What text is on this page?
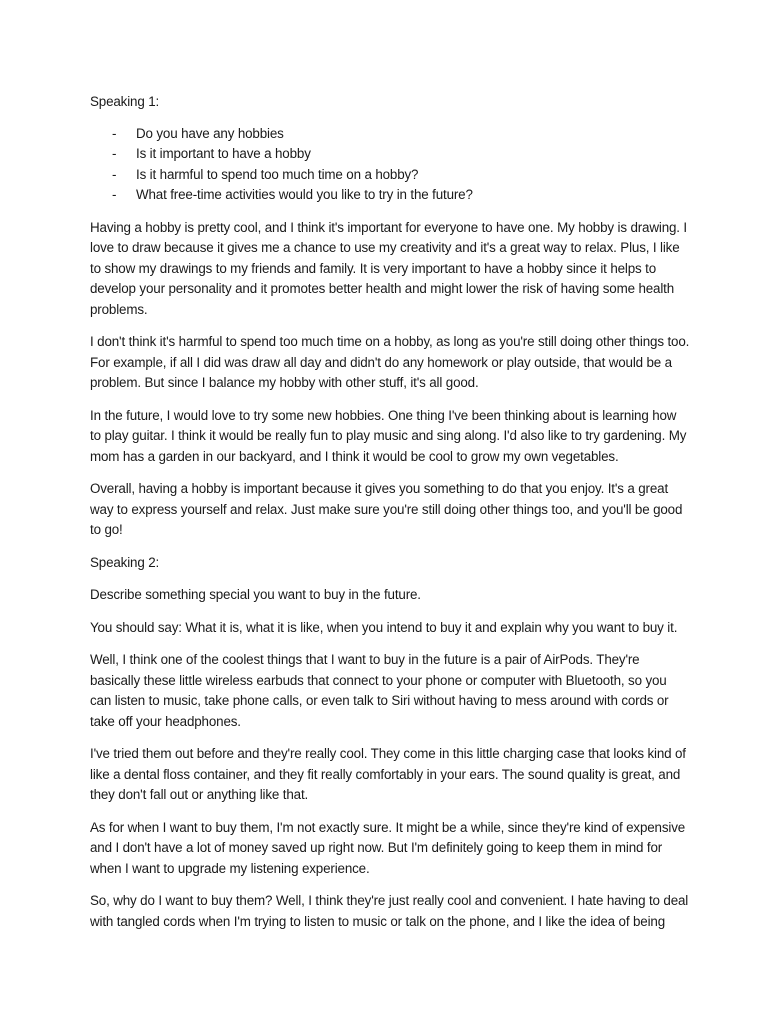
Speaking 1:
- Do you have any hobbies
- Is it important to have a hobby
- Is it harmful to spend too much time on a hobby?
- What free-time activities would you like to try in the future?

Having a hobby is pretty cool, and I think it's important for everyone to have one. My hobby is drawing. I love to draw because it gives me a chance to use my creativity and it's a great way to relax. Plus, I like to show my drawings to my friends and family. It is very important to have a hobby since it helps to develop your personality and it promotes better health and might lower the risk of having some health problems.

I don't think it's harmful to spend too much time on a hobby, as long as you're still doing other things too. For example, if all I did was draw all day and didn't do any homework or play outside, that would be a problem. But since I balance my hobby with other stuff, it's all good.

In the future, I would love to try some new hobbies. One thing I've been thinking about is learning how to play guitar. I think it would be really fun to play music and sing along. I'd also like to try gardening. My mom has a garden in our backyard, and I think it would be cool to grow my own vegetables.

Overall, having a hobby is important because it gives you something to do that you enjoy. It's a great way to express yourself and relax. Just make sure you're still doing other things too, and you'll be good to go!

Speaking 2:

Describe something special you want to buy in the future.

You should say: What it is, what it is like, when you intend to buy it and explain why you want to buy it.

Well, I think one of the coolest things that I want to buy in the future is a pair of AirPods. They're basically these little wireless earbuds that connect to your phone or computer with Bluetooth, so you can listen to music, take phone calls, or even talk to Siri without having to mess around with cords or take off your headphones.

I've tried them out before and they're really cool. They come in this little charging case that looks kind of like a dental floss container, and they fit really comfortably in your ears. The sound quality is great, and they don't fall out or anything like that.

As for when I want to buy them, I'm not exactly sure. It might be a while, since they're kind of expensive and I don't have a lot of money saved up right now. But I'm definitely going to keep them in mind for when I want to upgrade my listening experience.

So, why do I want to buy them? Well, I think they're just really cool and convenient. I hate having to deal with tangled cords when I'm trying to listen to music or talk on the phone, and I like the idea of being
